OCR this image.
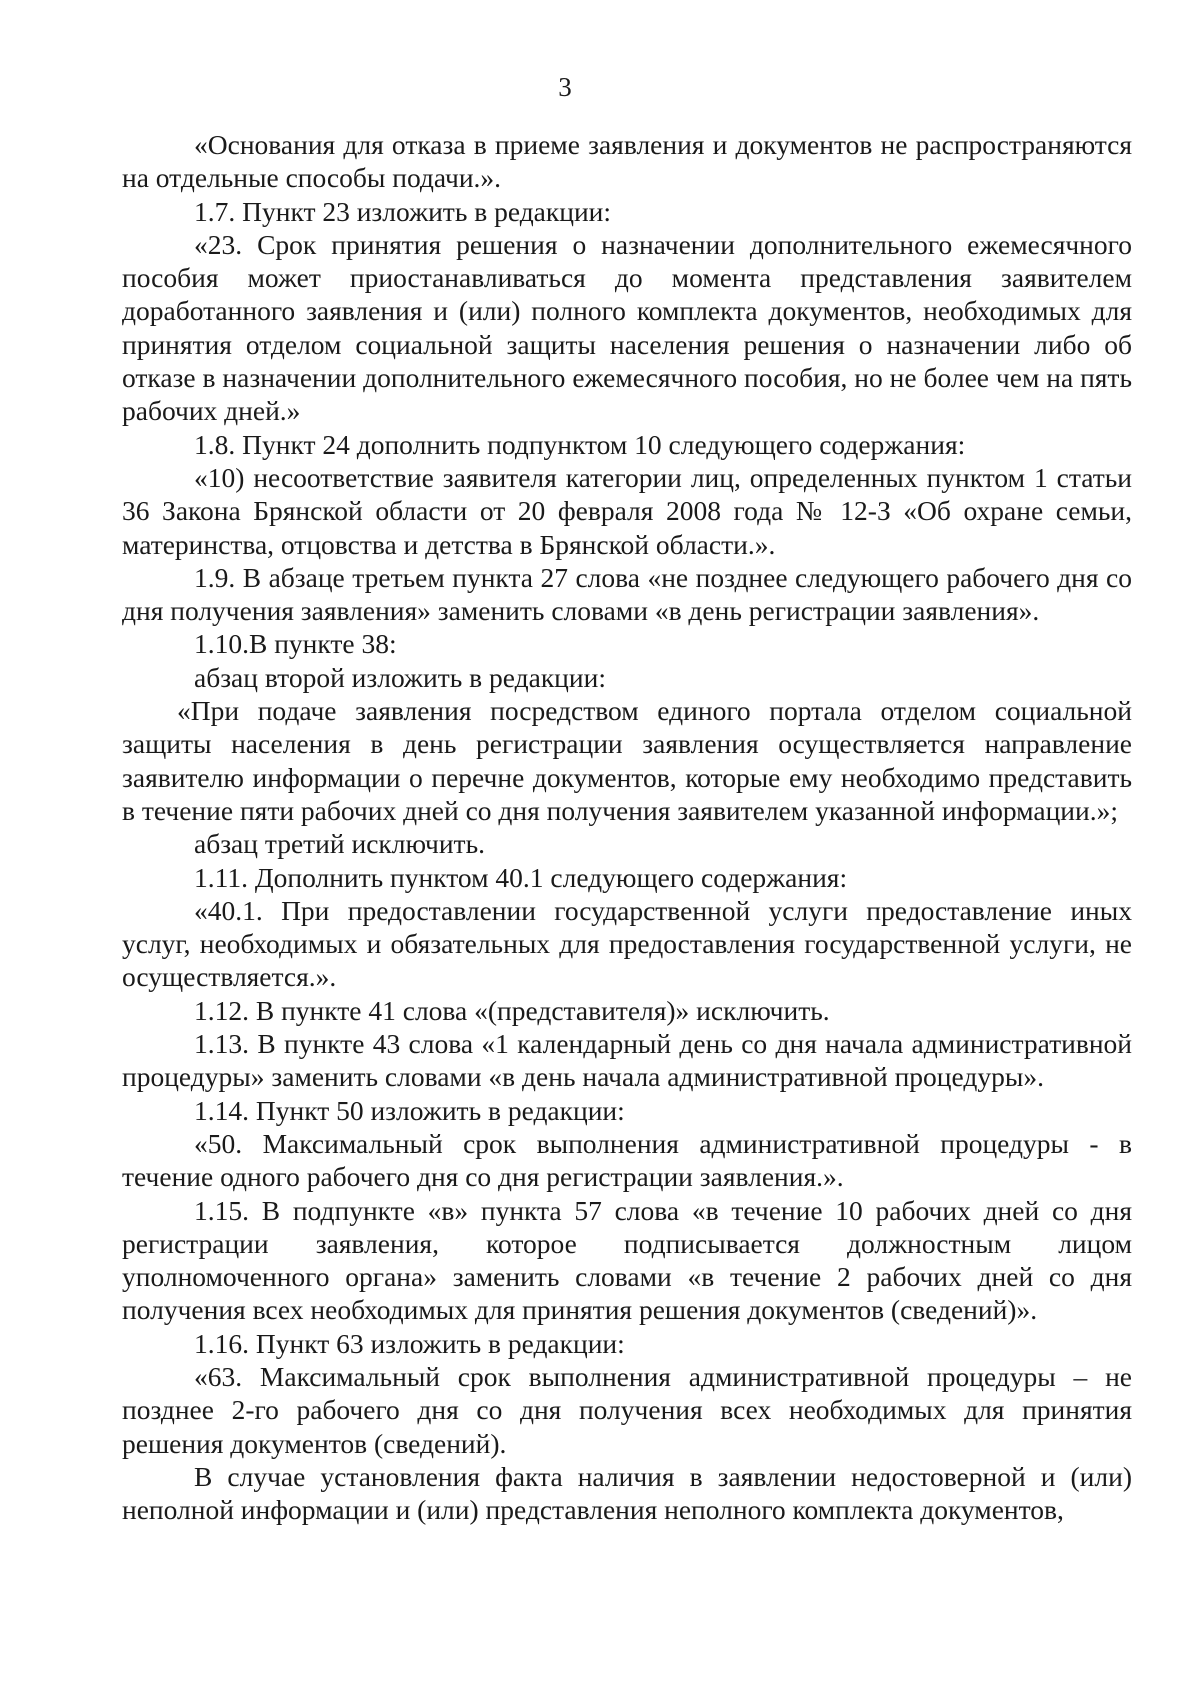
3

«Основания для отказа в приеме заявления и документов не распространяются на отдельные способы подачи.».

1.7. Пункт 23 изложить в редакции:

«23. Срок принятия решения о назначении дополнительного ежемесячного пособия может приостанавливаться до момента представления заявителем доработанного заявления и (или) полного комплекта документов, необходимых для принятия отделом социальной защиты населения решения о назначении либо об отказе в назначении дополнительного ежемесячного пособия, но не более чем на пять рабочих дней.»

1.8. Пункт 24 дополнить подпунктом 10 следующего содержания:

«10) несоответствие заявителя категории лиц, определенных пунктом 1 статьи 36 Закона Брянской области от 20 февраля 2008 года № 12-З «Об охране семьи, материнства, отцовства и детства в Брянской области.».

1.9. В абзаце третьем пункта 27 слова «не позднее следующего рабочего дня со дня получения заявления» заменить словами «в день регистрации заявления».

1.10.В пункте 38:

абзац второй изложить в редакции:

«При подаче заявления посредством единого портала отделом социальной защиты населения в день регистрации заявления осуществляется направление заявителю информации о перечне документов, которые ему необходимо представить в течение пяти рабочих дней со дня получения заявителем указанной информации.»;

абзац третий исключить.

1.11. Дополнить пунктом 40.1 следующего содержания:

«40.1. При предоставлении государственной услуги предоставление иных услуг, необходимых и обязательных для предоставления государственной услуги, не осуществляется.».

1.12. В пункте 41 слова «(представителя)» исключить.

1.13. В пункте 43 слова «1 календарный день со дня начала административной процедуры» заменить словами «в день начала административной процедуры».

1.14. Пункт 50 изложить в редакции:

«50. Максимальный срок выполнения административной процедуры - в течение одного рабочего дня со дня регистрации заявления.».

1.15. В подпункте «в» пункта 57 слова «в течение 10 рабочих дней со дня регистрации заявления, которое подписывается должностным лицом уполномоченного органа» заменить словами «в течение 2 рабочих дней со дня получения всех необходимых для принятия решения документов (сведений)».

1.16. Пункт 63 изложить в редакции:

«63. Максимальный срок выполнения административной процедуры – не позднее 2-го рабочего дня со дня получения всех необходимых для принятия решения документов (сведений).

В случае установления факта наличия в заявлении недостоверной и (или) неполной информации и (или) представления неполного комплекта документов,
